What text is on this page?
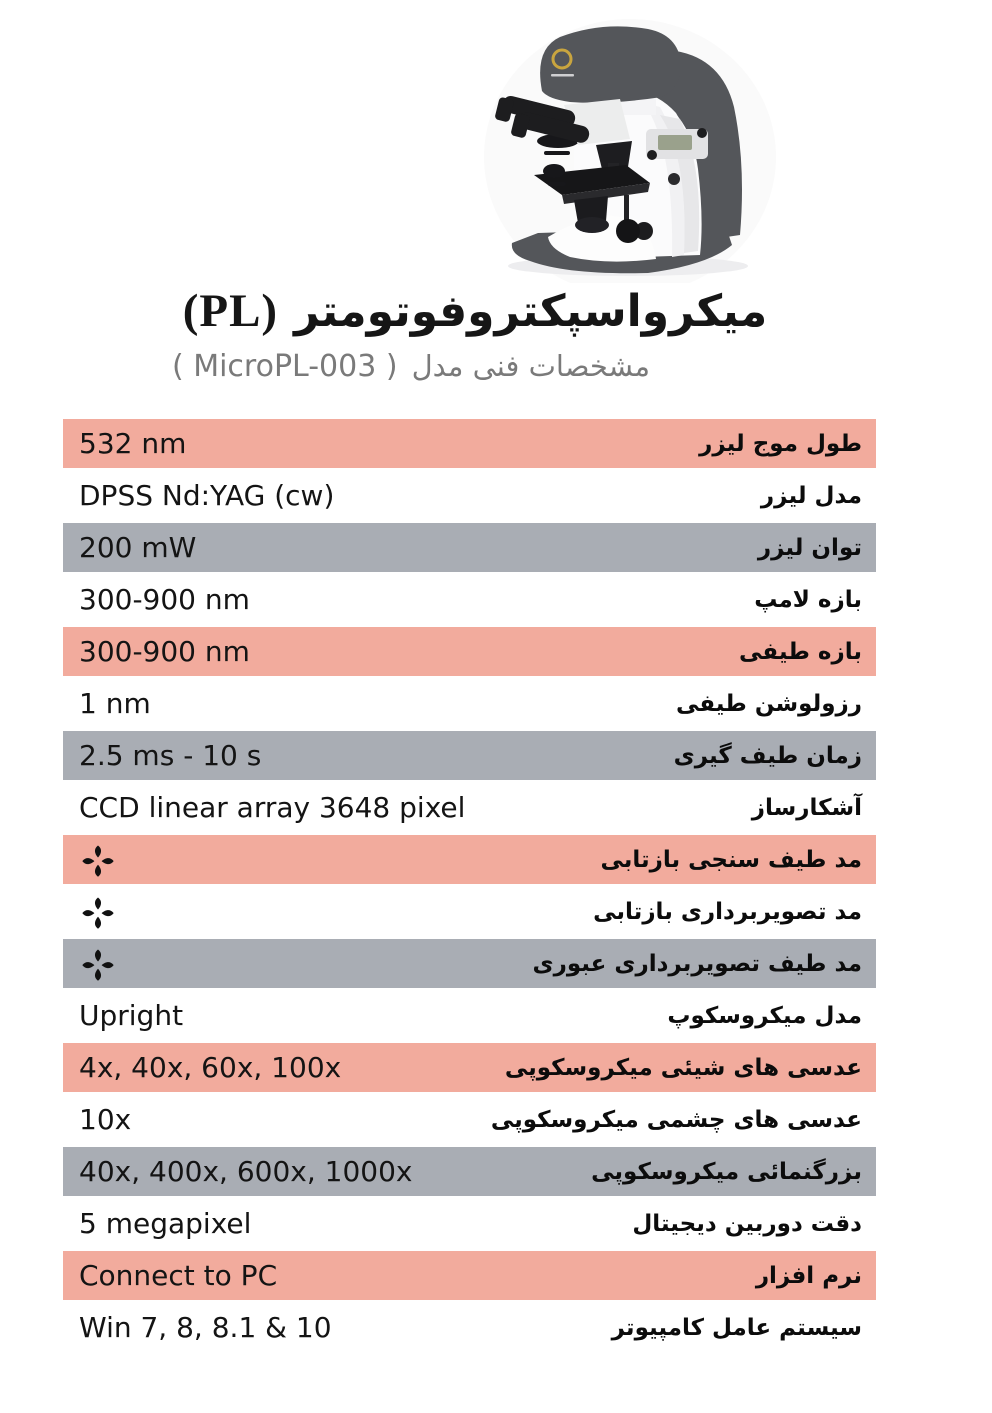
(PL) میکرواسپکتروفوتومتر
( MicroPL-003 ) مشخصات فنی مدل
532 nm	طول موج لیزر
DPSS Nd:YAG (cw)	مدل لیزر
200 mW	توان لیزر
300-900 nm	بازه لامپ
300-900 nm	بازه طیفی
1 nm	رزولوشن طیفی
2.5 ms - 10 s	زمان طیف گیری
CCD linear array 3648 pixel	آشکارساز
مد طیف سنجی بازتابی
مد تصویربرداری بازتابی
مد طیف تصویربرداری عبوری
Upright	مدل میکروسکوپ
4x, 40x, 60x, 100x	عدسی های شیئی میکروسکوپی
10x	عدسی های چشمی میکروسکوپی
40x, 400x, 600x, 1000x	بزرگنمائی میکروسکوپی
5 megapixel	دقت دوربین دیجیتال
Connect to PC	نرم افزار
Win 7, 8, 8.1 & 10	سیستم عامل کامپیوتر
